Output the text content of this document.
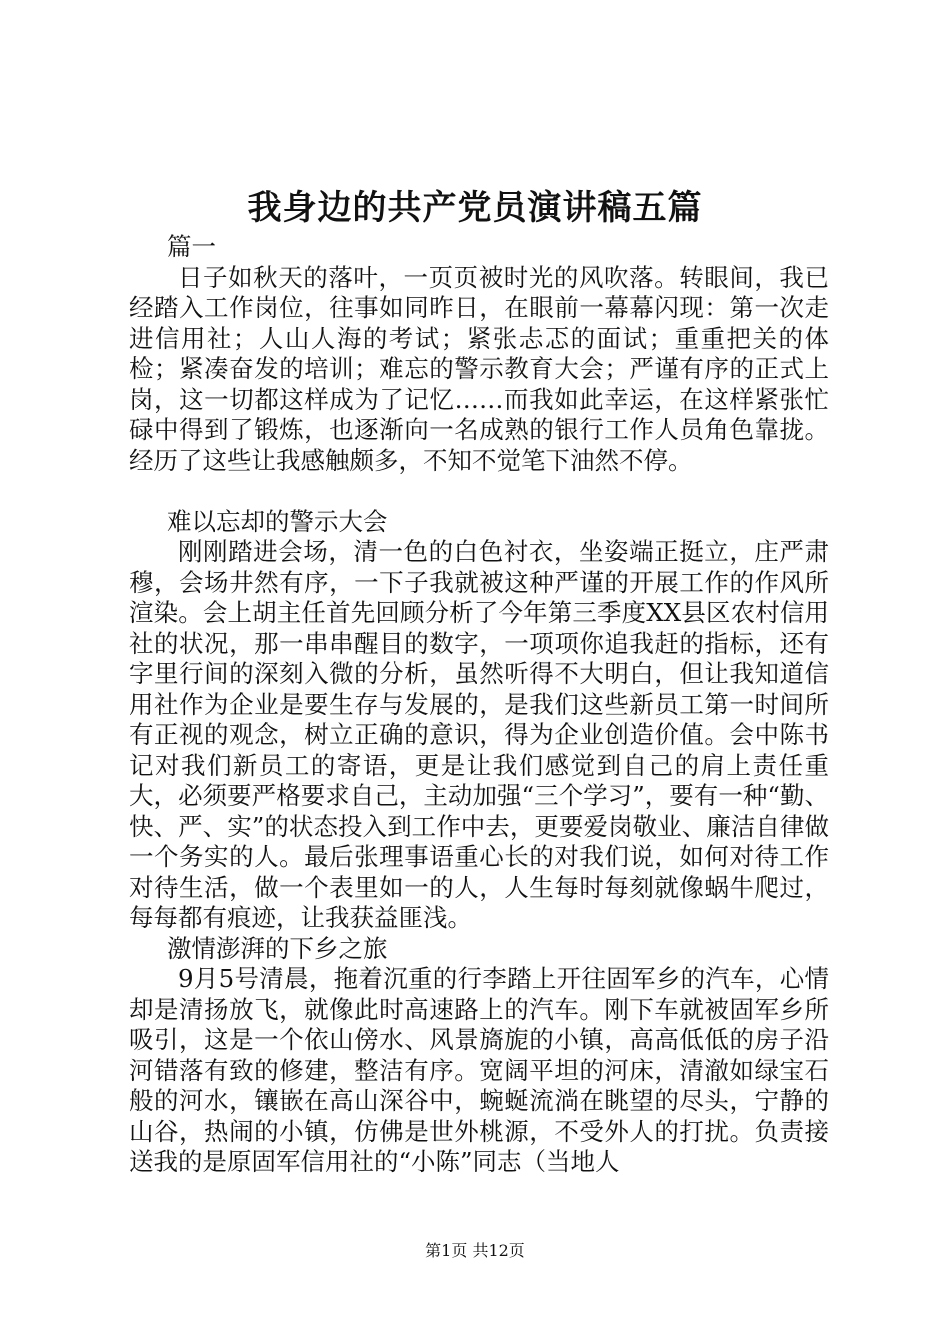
我身边的共产党员演讲稿五篇

篇一

日子如秋天的落叶，一页页被时光的风吹落。转眼间，我已经踏入工作岗位，往事如同昨日，在眼前一幕幕闪现：第一次走进信用社；人山人海的考试；紧张忐忑的面试；重重把关的体检；紧凑奋发的培训；难忘的警示教育大会；严谨有序的正式上岗，这一切都这样成为了记忆……而我如此幸运，在这样紧张忙碌中得到了锻炼，也逐渐向一名成熟的银行工作人员角色靠拢。经历了这些让我感触颇多，不知不觉笔下油然不停。

难以忘却的警示大会

刚刚踏进会场，清一色的白色衬衣，坐姿端正挺立，庄严肃穆，会场井然有序，一下子我就被这种严谨的开展工作的作风所渲染。会上胡主任首先回顾分析了今年第三季度XX县区农村信用社的状况，那一串串醒目的数字，一项项你追我赶的指标，还有字里行间的深刻入微的分析，虽然听得不大明白，但让我知道信用社作为企业是要生存与发展的，是我们这些新员工第一时间所有正视的观念，树立正确的意识，得为企业创造价值。会中陈书记对我们新员工的寄语，更是让我们感觉到自己的肩上责任重大，必须要严格要求自己，主动加强“三个学习”，要有一种“勤、快、严、实”的状态投入到工作中去，更要爱岗敬业、廉洁自律做一个务实的人。最后张理事语重心长的对我们说，如何对待工作对待生活，做一个表里如一的人，人生每时每刻就像蜗牛爬过，每每都有痕迹，让我获益匪浅。

激情澎湃的下乡之旅

9月5号清晨，拖着沉重的行李踏上开往固军乡的汽车，心情却是清扬放飞，就像此时高速路上的汽车。刚下车就被固军乡所吸引，这是一个依山傍水、风景旖旎的小镇，高高低低的房子沿河错落有致的修建，整洁有序。宽阔平坦的河床，清澈如绿宝石般的河水，镶嵌在高山深谷中，蜿蜒流淌在眺望的尽头，宁静的山谷，热闹的小镇，仿佛是世外桃源，不受外人的打扰。负责接送我的是原固军信用社的“小陈”同志（当地人

第1页 共12页
